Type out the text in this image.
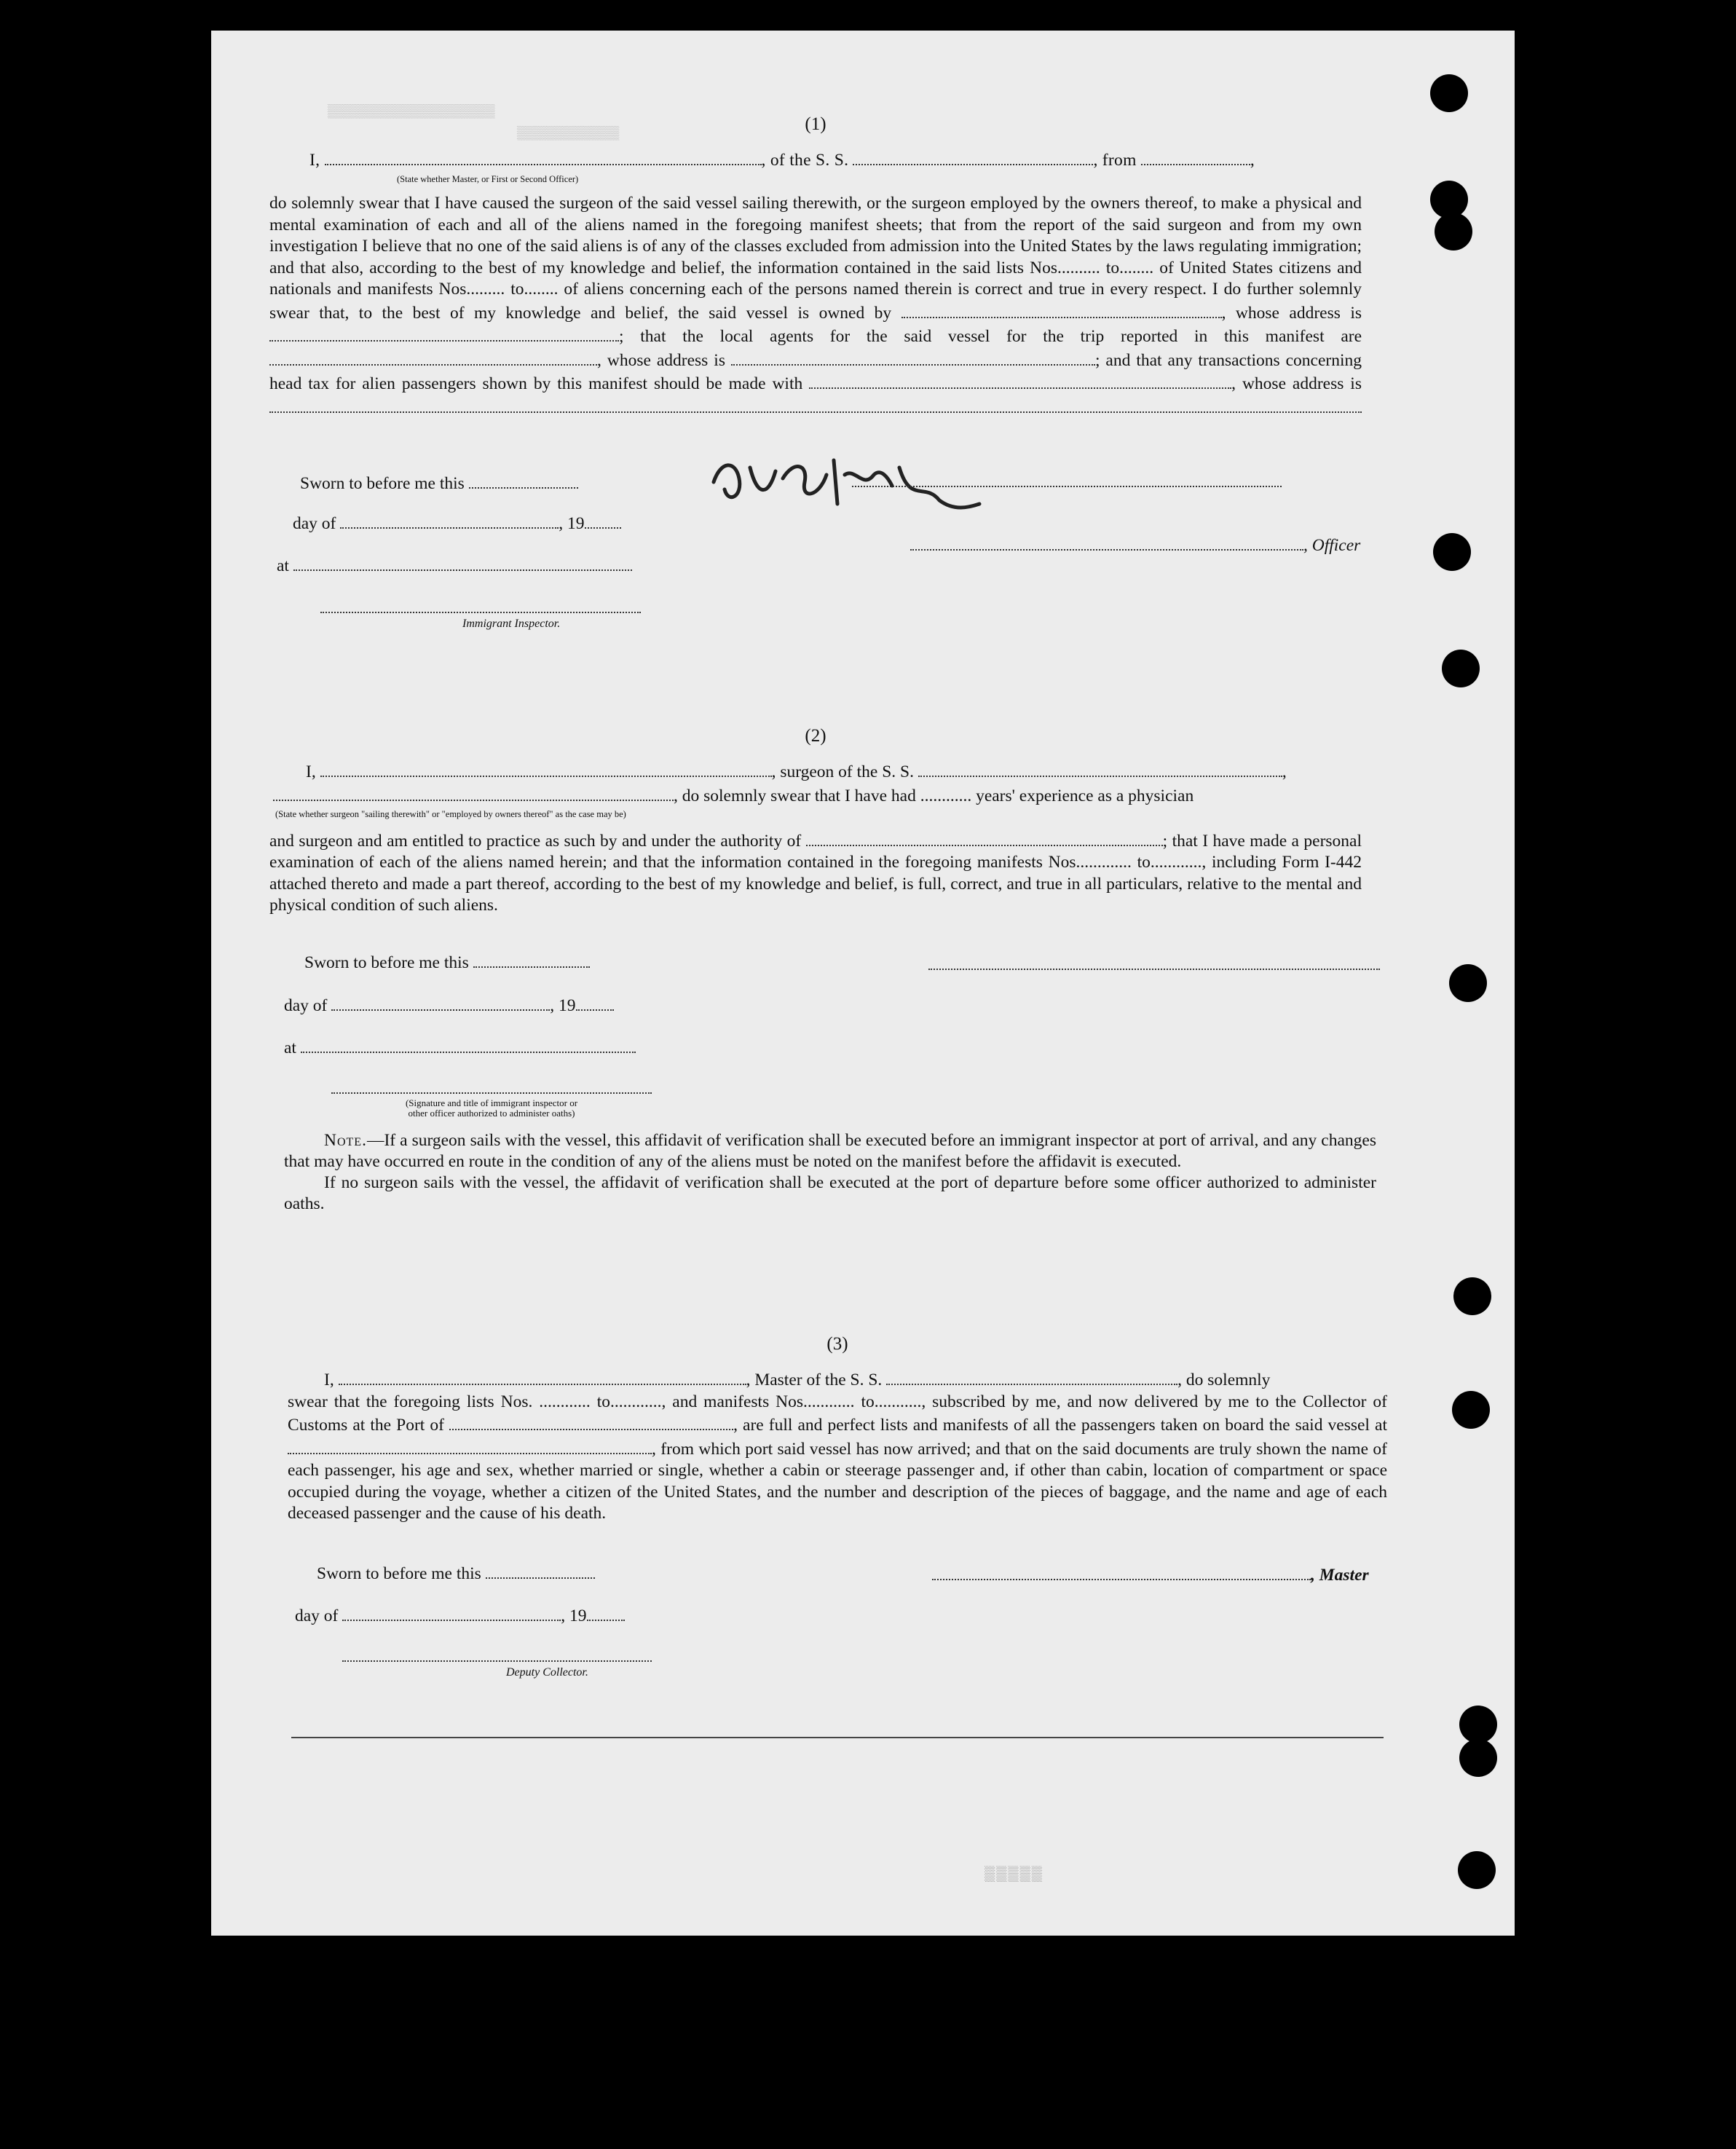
▒▒▒▒▒▒▒▒▒▒▒▒▒▒▒▒▒▒
▒▒▒▒▒▒▒▒▒▒▒	(1)

I,	, of the S. S.	, from	,

(State whether Master, or First or Second Officer)

do solemnly swear that I have caused the surgeon of the said vessel sailing therewith, or the surgeon employed by the owners thereof, to make a physical and mental examination of each and all of the aliens named in the foregoing manifest sheets; that from the report of the said surgeon and from my own investigation I believe that no one of the said aliens is of any of the classes excluded from admission into the United States by the laws regulating immigration; and that also, according to the best of my knowledge and belief, the information contained in the said lists Nos.......... to........ of United States citizens and nationals and manifests Nos......... to........ of aliens concerning each of the persons named therein is correct and true in every respect. I do further solemnly swear that, to the best of my knowledge and belief, the said vessel is owned by	, whose address is ; that the local agents for the said vessel for the trip reported in this manifest are , whose address is	; and that any transactions concerning head tax for alien passengers shown by this manifest should be made with	, whose address is

Sworn to before me this
day of	, 19
, Officer
at
Immigrant Inspector.
(2)

I,	, surgeon of the S. S.	,

, do solemnly swear that I have had ............ years' experience as a physician

(State whether surgeon "sailing therewith" or "employed by owners thereof" as the case may be)

and surgeon and am entitled to practice as such by and under the authority of	; that I have made a personal examination of each of the aliens named herein; and that the information contained in the foregoing manifests Nos............. to............, including Form I-442 attached thereto and made a part thereof, according to the best of my knowledge and belief, is full, correct, and true in all particulars, relative to the mental and physical condition of such aliens.

Sworn to before me this
day of	, 19
at
(Signature and title of immigrant inspector or
other officer authorized to administer oaths)

Note.—If a surgeon sails with the vessel, this affidavit of verification shall be executed before an immigrant inspector at port of arrival, and any changes that may have occurred en route in the condition of any of the aliens must be noted on the manifest before the affidavit is executed.

If no surgeon sails with the vessel, the affidavit of verification shall be executed at the port of departure before some officer authorized to administer oaths.

(3)

I,	, Master of the S. S.	, do solemnly

swear that the foregoing lists Nos. ............ to............, and manifests Nos............ to..........., subscribed by me, and now delivered by me to the Collector of Customs at the Port of	, are full and perfect lists and manifests of all the passengers taken on board the said vessel at , from which port said vessel has now arrived; and that on the said documents are truly shown the name of each passenger, his age and sex, whether married or single, whether a cabin or steerage passenger and, if other than cabin, location of compartment or space occupied during the voyage, whether a citizen of the United States, and the number and description of the pieces of baggage, and the name and age of each deceased passenger and the cause of his death.

Sworn to before me this	, Master
day of	, 19
Deputy Collector.
▒▒▒▒▒
